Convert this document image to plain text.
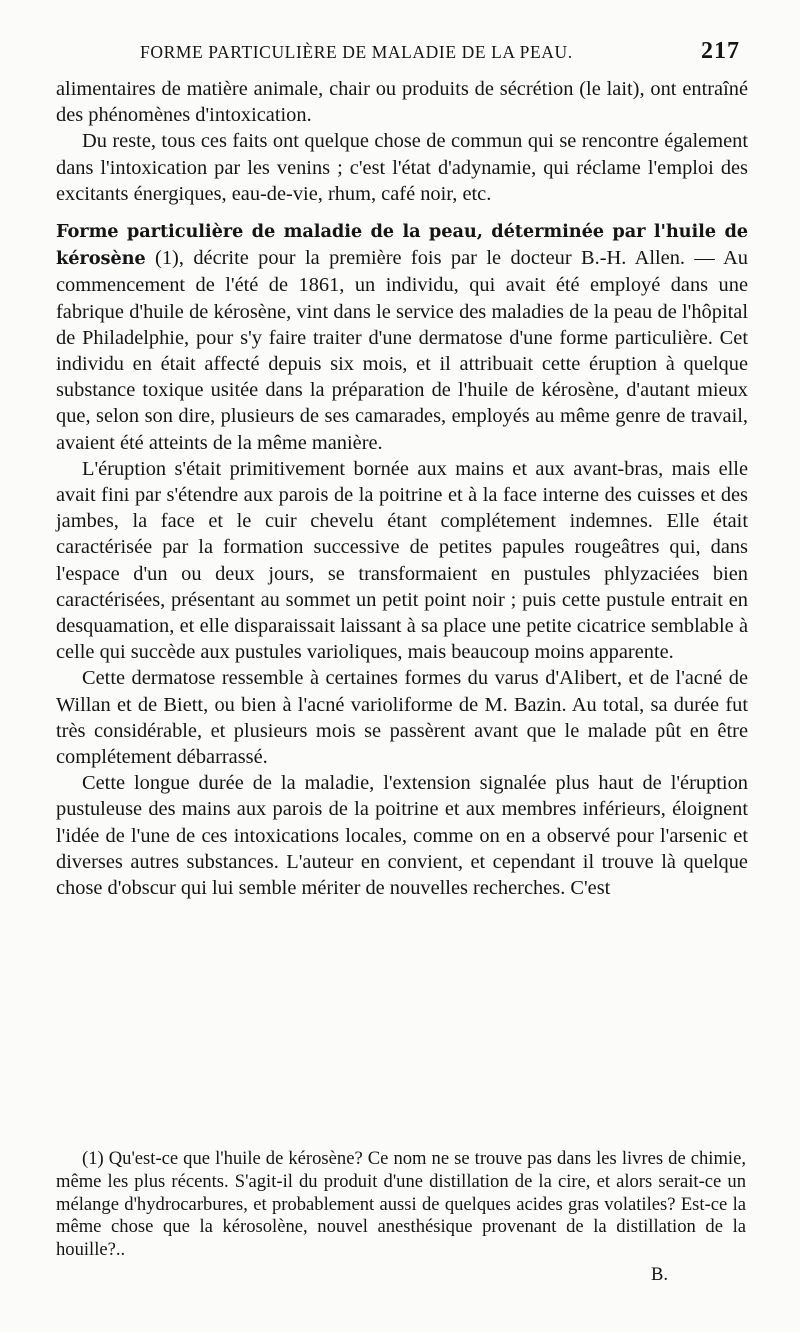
FORME PARTICULIÈRE DE MALADIE DE LA PEAU.	217

alimentaires de matière animale, chair ou produits de sécrétion (le lait), ont entraîné des phénomènes d'intoxication.

Du reste, tous ces faits ont quelque chose de commun qui se rencontre également dans l'intoxication par les venins ; c'est l'état d'adynamie, qui réclame l'emploi des excitants énergiques, eau-de-vie, rhum, café noir, etc.

Forme particulière de maladie de la peau, déterminée par l'huile de kérosène (1), décrite pour la première fois par le docteur B.-H. Allen. — Au commencement de l'été de 1861, un individu, qui avait été employé dans une fabrique d'huile de kérosène, vint dans le service des maladies de la peau de l'hôpital de Philadelphie, pour s'y faire traiter d'une dermatose d'une forme particulière. Cet individu en était affecté depuis six mois, et il attribuait cette éruption à quelque substance toxique usitée dans la préparation de l'huile de kérosène, d'autant mieux que, selon son dire, plusieurs de ses camarades, employés au même genre de travail, avaient été atteints de la même manière.

L'éruption s'était primitivement bornée aux mains et aux avant-bras, mais elle avait fini par s'étendre aux parois de la poitrine et à la face interne des cuisses et des jambes, la face et le cuir chevelu étant complétement indemnes. Elle était caractérisée par la formation successive de petites papules rougeâtres qui, dans l'espace d'un ou deux jours, se transformaient en pustules phlyzaciées bien caractérisées, présentant au sommet un petit point noir ; puis cette pustule entrait en desquamation, et elle disparaissait laissant à sa place une petite cicatrice semblable à celle qui succède aux pustules varioliques, mais beaucoup moins apparente.

Cette dermatose ressemble à certaines formes du varus d'Alibert, et de l'acné de Willan et de Biett, ou bien à l'acné varioliforme de M. Bazin. Au total, sa durée fut très considérable, et plusieurs mois se passèrent avant que le malade pût en être complétement débarrassé.

Cette longue durée de la maladie, l'extension signalée plus haut de l'éruption pustuleuse des mains aux parois de la poitrine et aux membres inférieurs, éloignent l'idée de l'une de ces intoxications locales, comme on en a observé pour l'arsenic et diverses autres substances. L'auteur en convient, et cependant il trouve là quelque chose d'obscur qui lui semble mériter de nouvelles recherches. C'est

(1) Qu'est-ce que l'huile de kérosène? Ce nom ne se trouve pas dans les livres de chimie, même les plus récents. S'agit-il du produit d'une distillation de la cire, et alors serait-ce un mélange d'hydrocarbures, et probablement aussi de quelques acides gras volatiles? Est-ce la même chose que la kérosolène, nouvel anesthésique provenant de la distillation de la houille?..

B.
